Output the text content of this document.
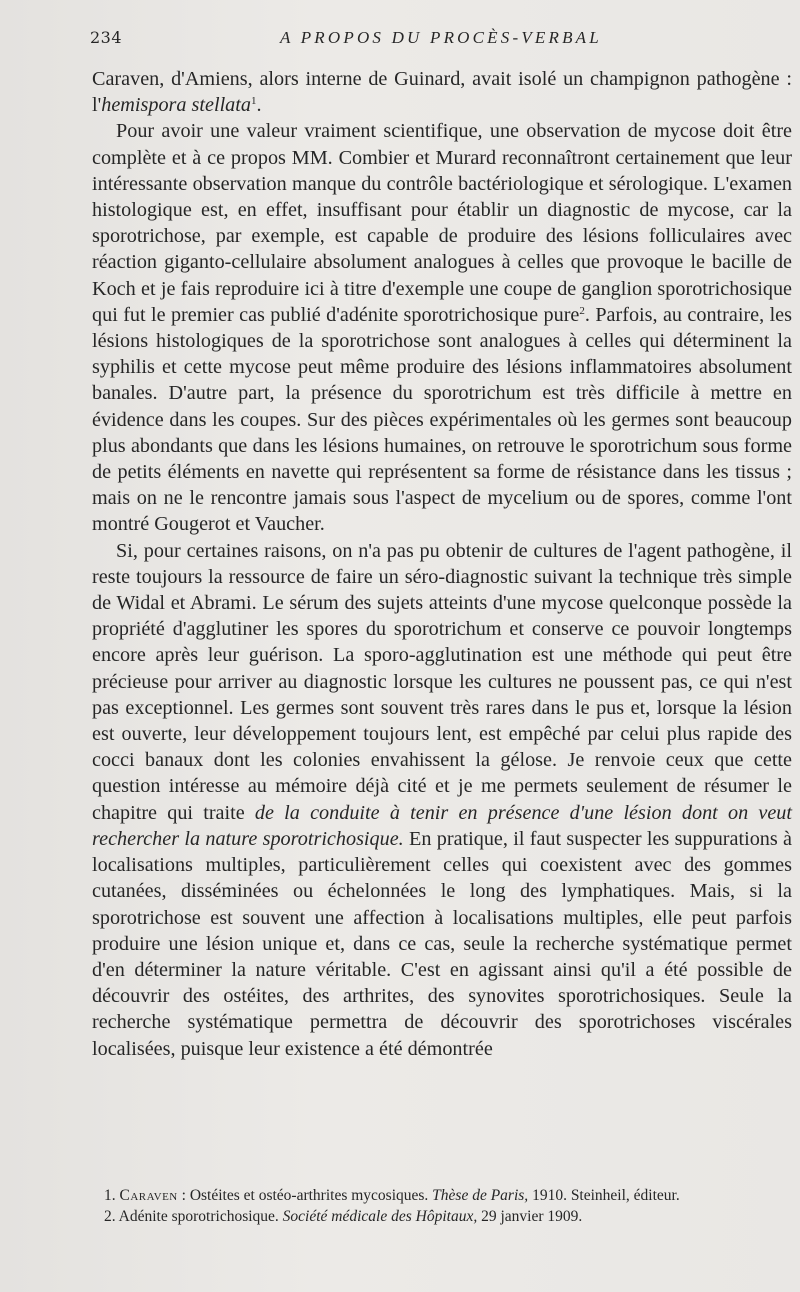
234	A PROPOS DU PROCÈS-VERBAL

Caraven, d'Amiens, alors interne de Guinard, avait isolé un champignon pathogène : l'hemispora stellata$^1$.

Pour avoir une valeur vraiment scientifique, une observation de mycose doit être complète et à ce propos MM. Combier et Murard reconnaîtront certainement que leur intéressante observation manque du contrôle bactériologique et sérologique. L'examen histologique est, en effet, insuffisant pour établir un diagnostic de mycose, car la sporotrichose, par exemple, est capable de produire des lésions folliculaires avec réaction giganto-cellulaire absolument analogues à celles que provoque le bacille de Koch et je fais reproduire ici à titre d'exemple une coupe de ganglion sporotrichosique qui fut le premier cas publié d'adénite sporotrichosique pure$^2$. Parfois, au contraire, les lésions histologiques de la sporotrichose sont analogues à celles qui déterminent la syphilis et cette mycose peut même produire des lésions inflammatoires absolument banales. D'autre part, la présence du sporotrichum est très difficile à mettre en évidence dans les coupes. Sur des pièces expérimentales où les germes sont beaucoup plus abondants que dans les lésions humaines, on retrouve le sporotrichum sous forme de petits éléments en navette qui représentent sa forme de résistance dans les tissus ; mais on ne le rencontre jamais sous l'aspect de mycelium ou de spores, comme l'ont montré Gougerot et Vaucher.

Si, pour certaines raisons, on n'a pas pu obtenir de cultures de l'agent pathogène, il reste toujours la ressource de faire un séro-diagnostic suivant la technique très simple de Widal et Abrami. Le sérum des sujets atteints d'une mycose quelconque possède la propriété d'agglutiner les spores du sporotrichum et conserve ce pouvoir longtemps encore après leur guérison. La sporo-agglutination est une méthode qui peut être précieuse pour arriver au diagnostic lorsque les cultures ne poussent pas, ce qui n'est pas exceptionnel. Les germes sont souvent très rares dans le pus et, lorsque la lésion est ouverte, leur développement toujours lent, est empêché par celui plus rapide des cocci banaux dont les colonies envahissent la gélose. Je renvoie ceux que cette question intéresse au mémoire déjà cité et je me permets seulement de résumer le chapitre qui traite de la conduite à tenir en présence d'une lésion dont on veut rechercher la nature sporotrichosique. En pratique, il faut suspecter les suppurations à localisations multiples, particulièrement celles qui coexistent avec des gommes cutanées, disséminées ou échelonnées le long des lymphatiques. Mais, si la sporotrichose est souvent une affection à localisations multiples, elle peut parfois produire une lésion unique et, dans ce cas, seule la recherche systématique permet d'en déterminer la nature véritable. C'est en agissant ainsi qu'il a été possible de découvrir des ostéites, des arthrites, des synovites sporotrichosiques. Seule la recherche systématique permettra de découvrir des sporotrichoses viscérales localisées, puisque leur existence a été démontrée

1. Caraven : Ostéites et ostéo-arthrites mycosiques. Thèse de Paris, 1910. Steinheil, éditeur.

2. Adénite sporotrichosique. Société médicale des Hôpitaux, 29 janvier 1909.
